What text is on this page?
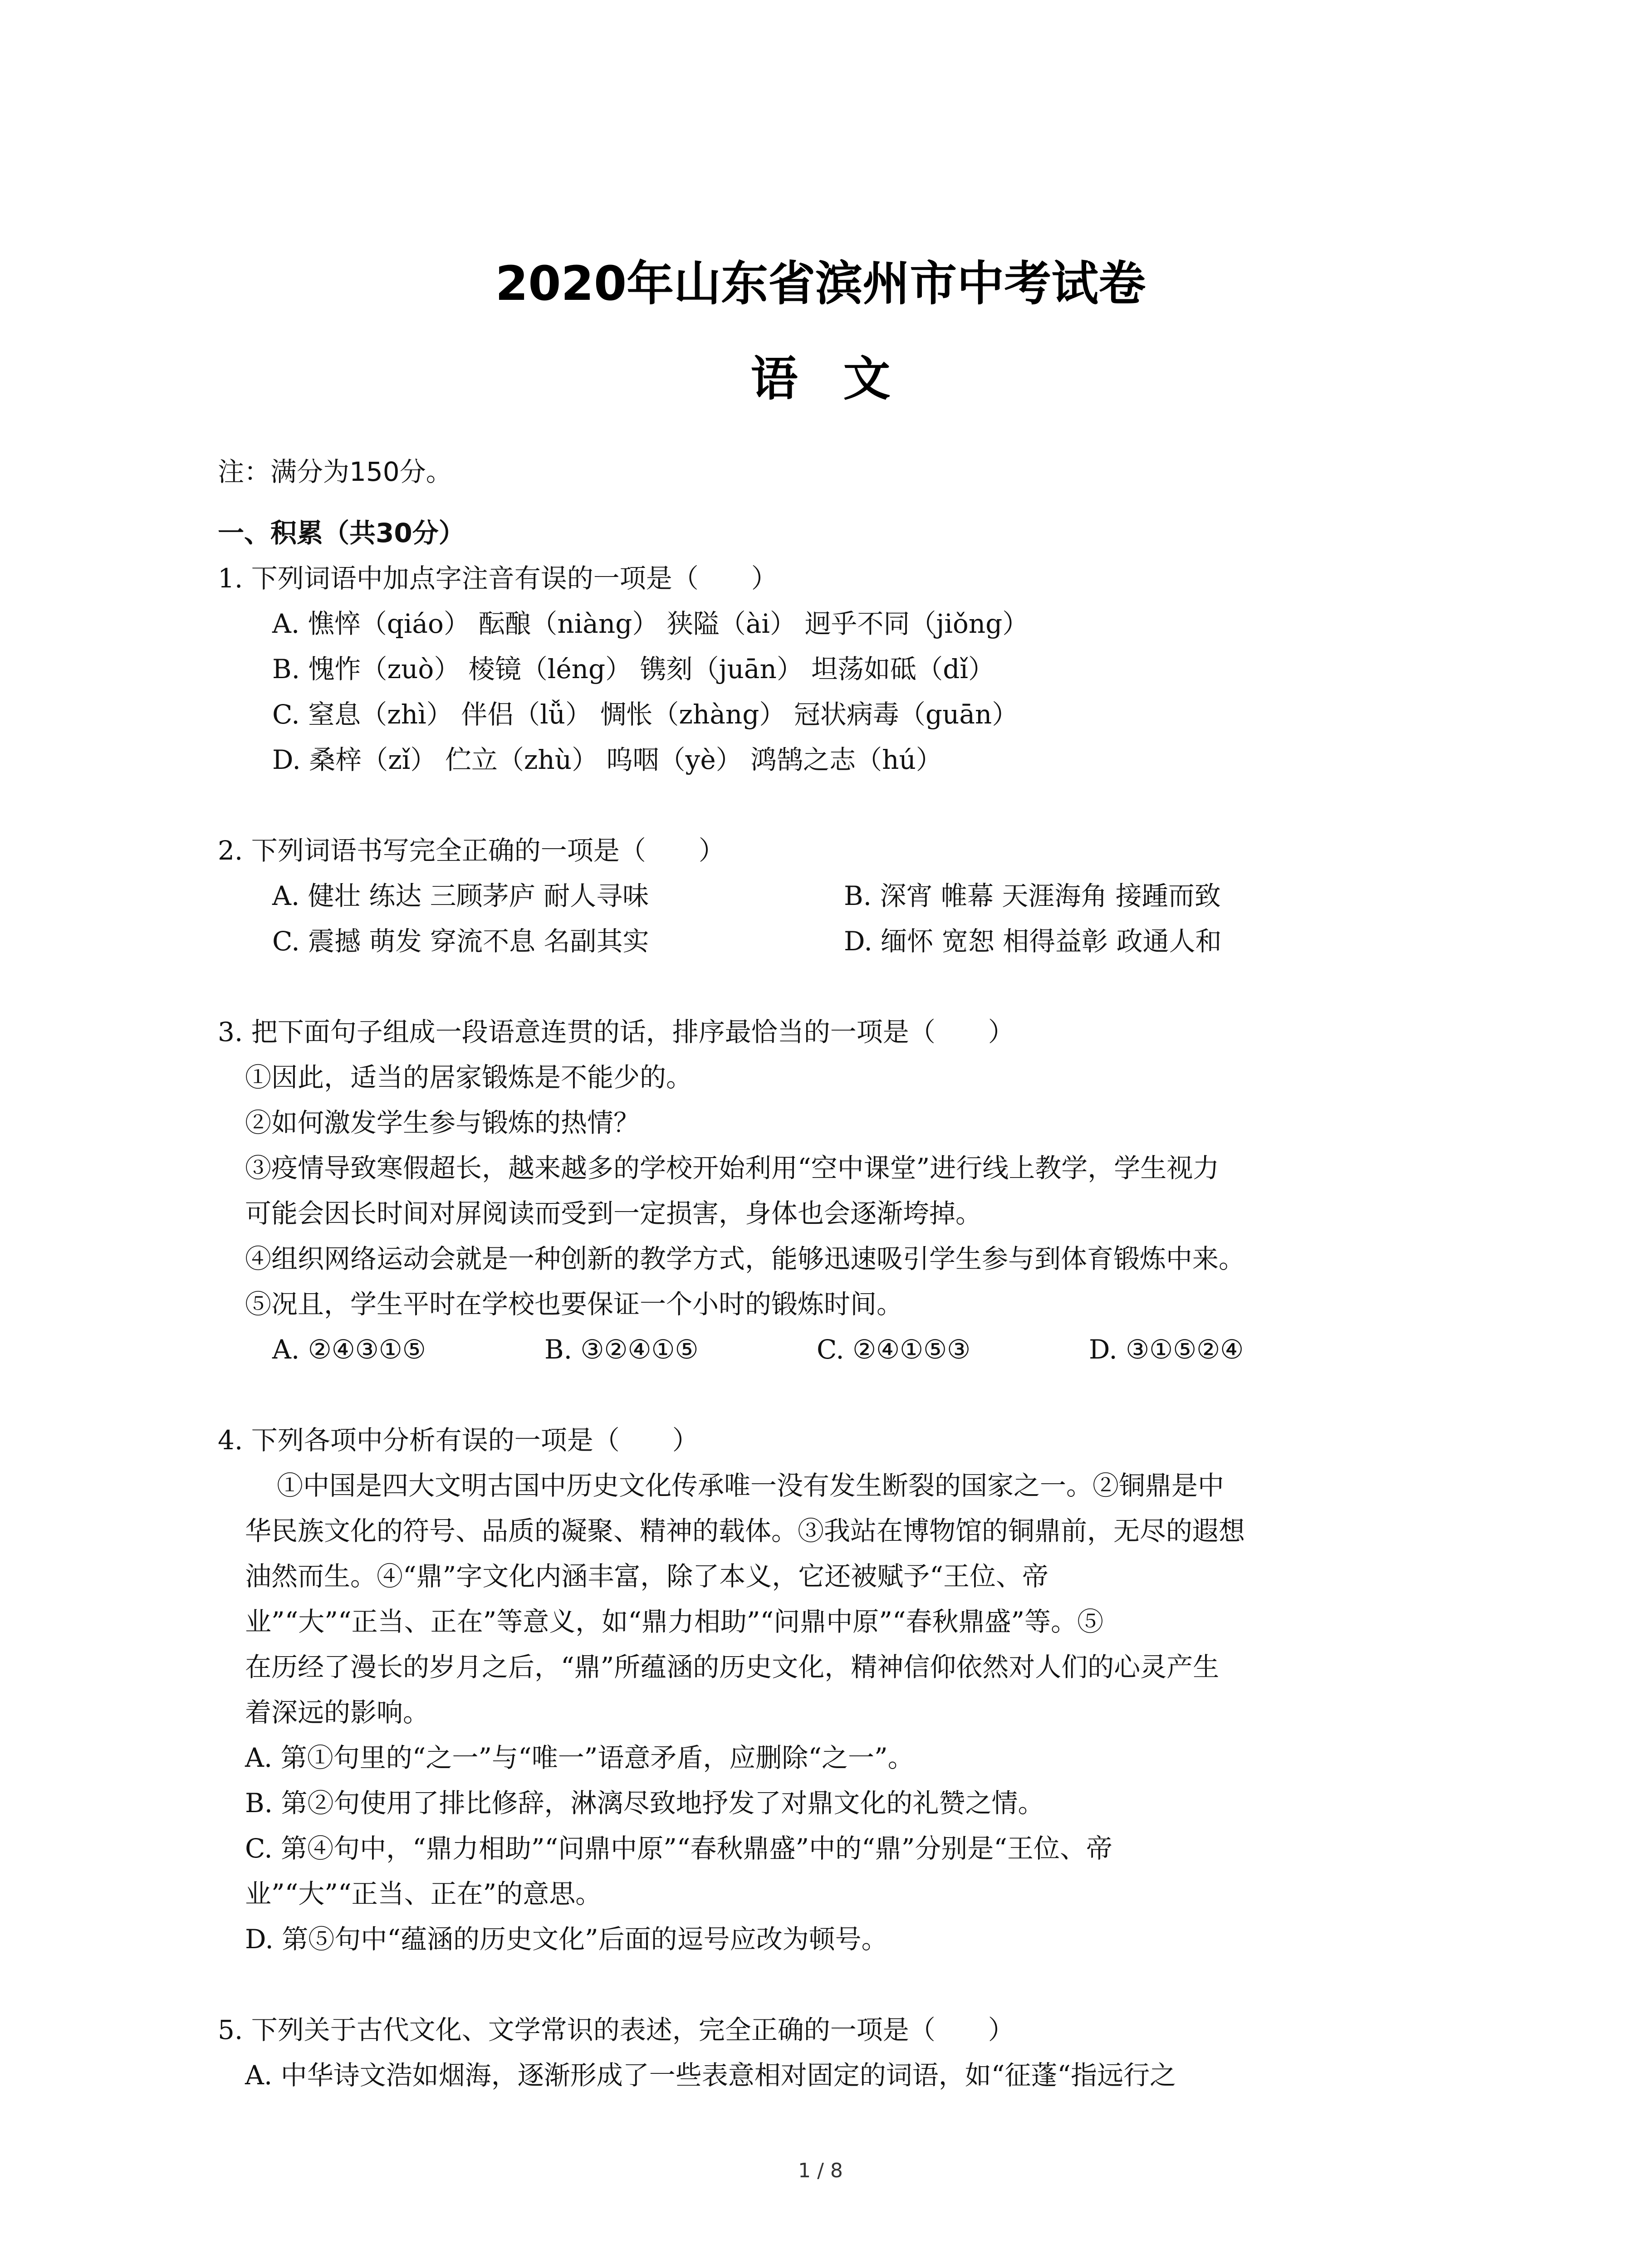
2020年山东省滨州市中考试卷
语文
注：满分为150分。
一、积累（共30分）
1. 下列词语中加点字注音有误的一项是（　　）
A. 憔悴（qiáo） 酝酿（niàng） 狭隘（ài） 迥乎不同（jiǒng）
B. 愧怍（zuò） 棱镜（léng） 镌刻（juān） 坦荡如砥（dǐ）
C. 窒息（zhì） 伴侣（lǚ） 惆怅（zhàng） 冠状病毒（guān）
D. 桑梓（zǐ） 伫立（zhù） 呜咽（yè） 鸿鹄之志（hú）
2. 下列词语书写完全正确的一项是（　　）
A. 健壮 练达 三顾茅庐 耐人寻味	B. 深宵 帷幕 天涯海角 接踵而致
C. 震撼 萌发 穿流不息 名副其实	D. 缅怀 宽恕 相得益彰 政通人和
3. 把下面句子组成一段语意连贯的话，排序最恰当的一项是（　　）
①因此，适当的居家锻炼是不能少的。
②如何激发学生参与锻炼的热情？
③疫情导致寒假超长，越来越多的学校开始利用“空中课堂”进行线上教学，学生视力
可能会因长时间对屏阅读而受到一定损害，身体也会逐渐垮掉。
④组织网络运动会就是一种创新的教学方式，能够迅速吸引学生参与到体育锻炼中来。
⑤况且，学生平时在学校也要保证一个小时的锻炼时间。
A. ②④③①⑤	B. ③②④①⑤	C. ②④①⑤③	D. ③①⑤②④
4. 下列各项中分析有误的一项是（　　）
①中国是四大文明古国中历史文化传承唯一没有发生断裂的国家之一。②铜鼎是中
华民族文化的符号、品质的凝聚、精神的载体。③我站在博物馆的铜鼎前，无尽的遐想
油然而生。④“鼎”字文化内涵丰富，除了本义，它还被赋予“王位、帝
业”“大”“正当、正在”等意义，如“鼎力相助”“问鼎中原”“春秋鼎盛”等。⑤
在历经了漫长的岁月之后，“鼎”所蕴涵的历史文化，精神信仰依然对人们的心灵产生
着深远的影响。
A. 第①句里的“之一”与“唯一”语意矛盾，应删除“之一”。
B. 第②句使用了排比修辞，淋漓尽致地抒发了对鼎文化的礼赞之情。
C. 第④句中，“鼎力相助”“问鼎中原”“春秋鼎盛”中的“鼎”分别是“王位、帝
业”“大”“正当、正在”的意思。
D. 第⑤句中“蕴涵的历史文化”后面的逗号应改为顿号。
5. 下列关于古代文化、文学常识的表述，完全正确的一项是（　　）
A. 中华诗文浩如烟海，逐渐形成了一些表意相对固定的词语，如“征蓬“指远行之
1 / 8
